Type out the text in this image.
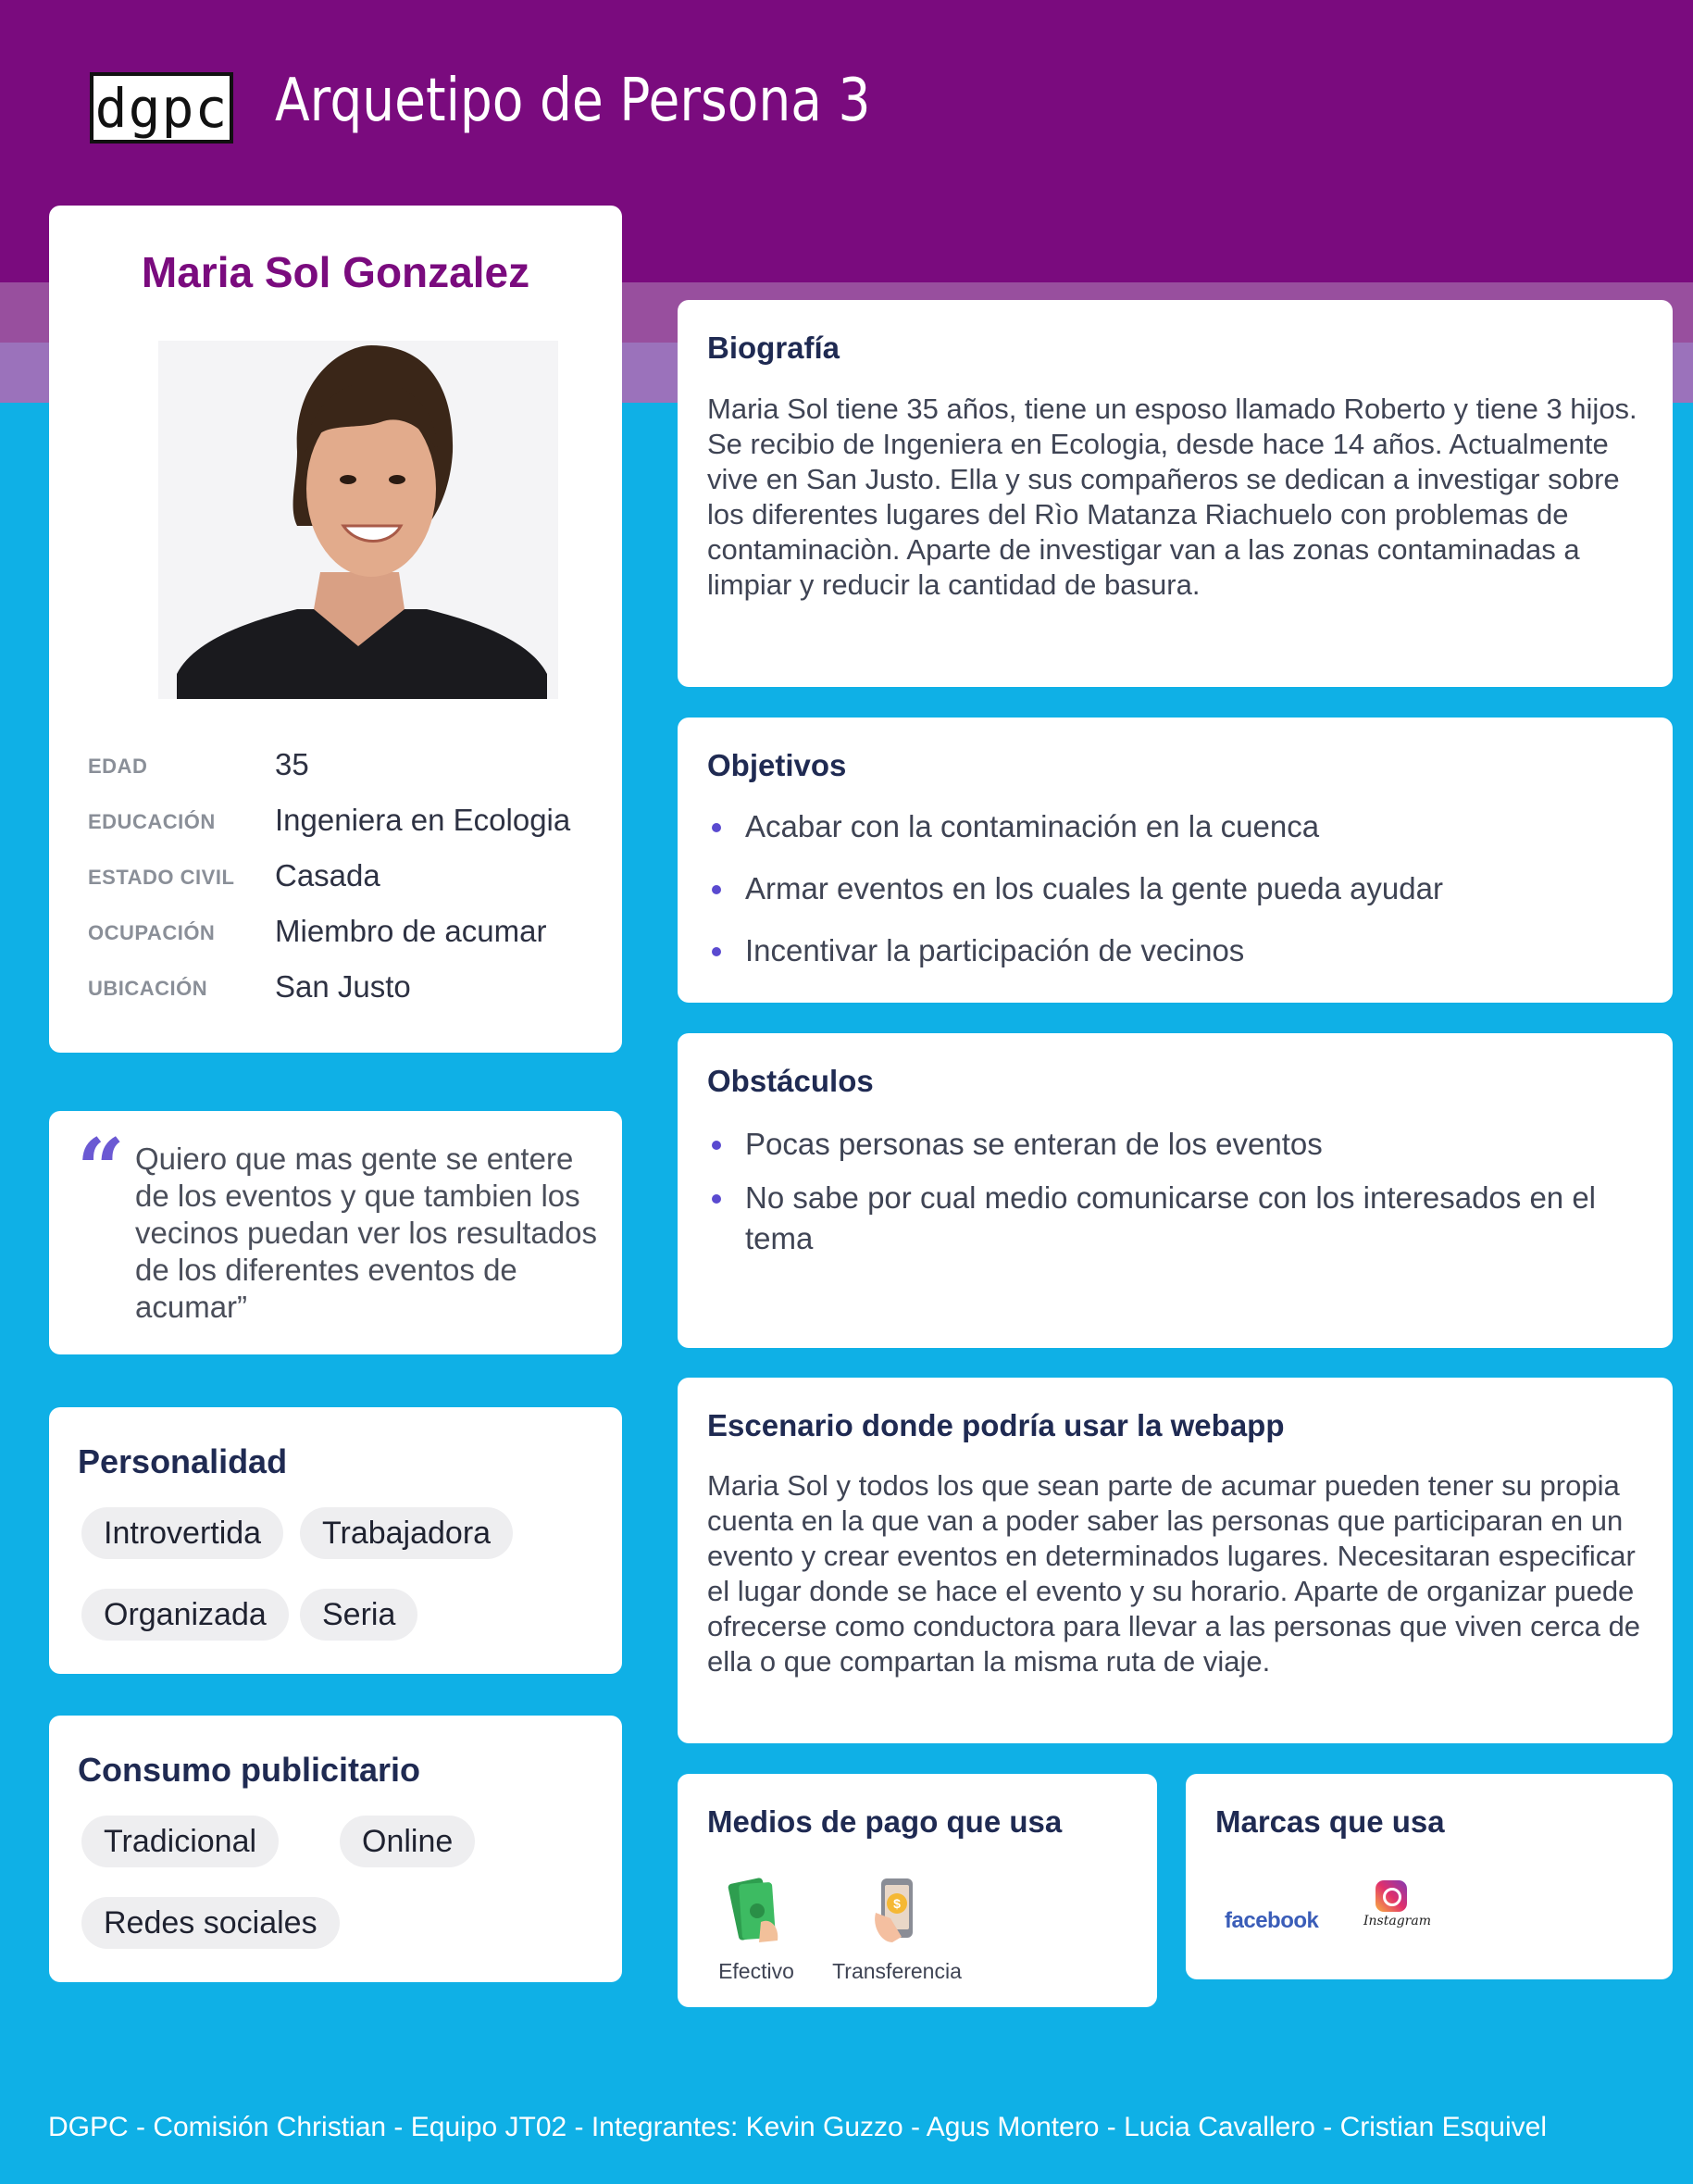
dgpc Arquetipo de Persona 3
Maria Sol Gonzalez
EDAD	35
EDUCACIÓN Ingeniera en Ecologia
ESTADO CIVIL Casada
OCUPACIÓN Miembro de acumar
UBICACIÓN San Justo
“ Quiero que mas gente se entere de los eventos y que tambien los vecinos puedan ver los resultados de los diferentes eventos de acumar”
Personalidad
Introvertida	Trabajadora
Organizada	Seria
Consumo publicitario
Tradicional	Online
Redes sociales
Biografía
Maria Sol tiene 35 años, tiene un esposo llamado Roberto y tiene 3 hijos. Se recibio de Ingeniera en Ecologia, desde hace 14 años. Actualmente vive en San Justo. Ella y sus compañeros se dedican a investigar sobre los diferentes lugares del Rìo Matanza Riachuelo con problemas de contaminaciòn. Aparte de investigar van a las zonas contaminadas a limpiar y reducir la cantidad de basura.
Objetivos
Acabar con la contaminación en la cuenca
Armar eventos en los cuales la gente pueda ayudar
Incentivar la participación de vecinos
Obstáculos
Pocas personas se enteran de los eventos
No sabe por cual medio comunicarse con los interesados en el tema
Escenario donde podría usar la webapp
Maria Sol y todos los que sean parte de acumar pueden tener su propia cuenta en la que van a poder saber las personas que participaran en un evento y crear eventos en determinados lugares. Necesitaran especificar el lugar donde se hace el evento y su horario. Aparte de organizar puede ofrecerse como conductora para llevar a las personas que viven cerca de ella o que compartan la misma ruta de viaje.
Medios de pago que usa
Efectivo
$
Transferencia
Marcas que usa
facebook	Instagram
DGPC - Comisión Christian - Equipo JT02 - Integrantes: Kevin Guzzo - Agus Montero - Lucia Cavallero - Cristian Esquivel
